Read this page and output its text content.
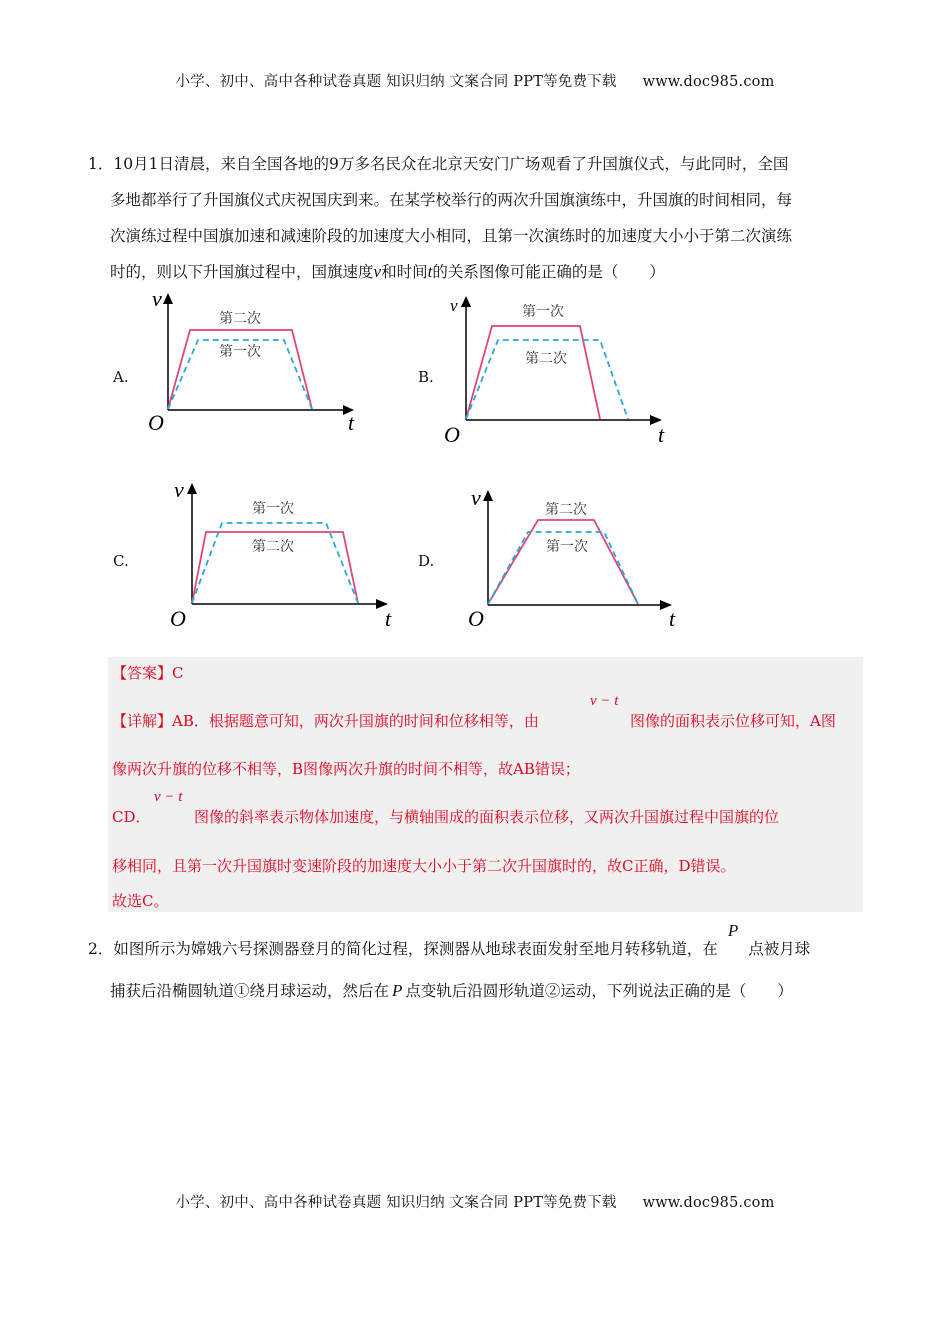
小学、初中、高中各种试卷真题 知识归纳 文案合同 PPT等免费下载 www.doc985.com

1．10月1日清晨，来自全国各地的9万多名民众在北京天安门广场观看了升国旗仪式，与此同时，全国

多地都举行了升国旗仪式庆祝国庆到来。在某学校举行的两次升国旗演练中，升国旗的时间相同，每

次演练过程中国旗加速和减速阶段的加速度大小相同，且第一次演练时的加速度大小小于第二次演练

时的，则以下升国旗过程中，国旗速度v和时间t的关系图像可能正确的是（　　）

A.	B.
C.	D.
第二次
第一次
v
O	t
第一次
第二次
v
O	t
第一次
第二次
v
O	t
第二次
第一次
v
O	t
【答案】C
【详解】AB．根据题意可知，两次升国旗的时间和位移相等，由
v − t
图像的面积表示位移可知，A图
像两次升旗的位移不相等，B图像两次升旗的时间不相等，故AB错误；
CD．
v − t
图像的斜率表示物体加速度，与横轴围成的面积表示位移，又两次升国旗过程中国旗的位
移相同，且第一次升国旗时变速阶段的加速度大小小于第二次升国旗时的，故C正确，D错误。
故选C。
2．如图所示为嫦娥六号探测器登月的简化过程，探测器从地球表面发射至地月转移轨道，在P点被月球
捕获后沿椭圆轨道①绕月球运动，然后在 P 点变轨后沿圆形轨道②运动，下列说法正确的是（　　）
小学、初中、高中各种试卷真题 知识归纳 文案合同 PPT等免费下载 www.doc985.com
